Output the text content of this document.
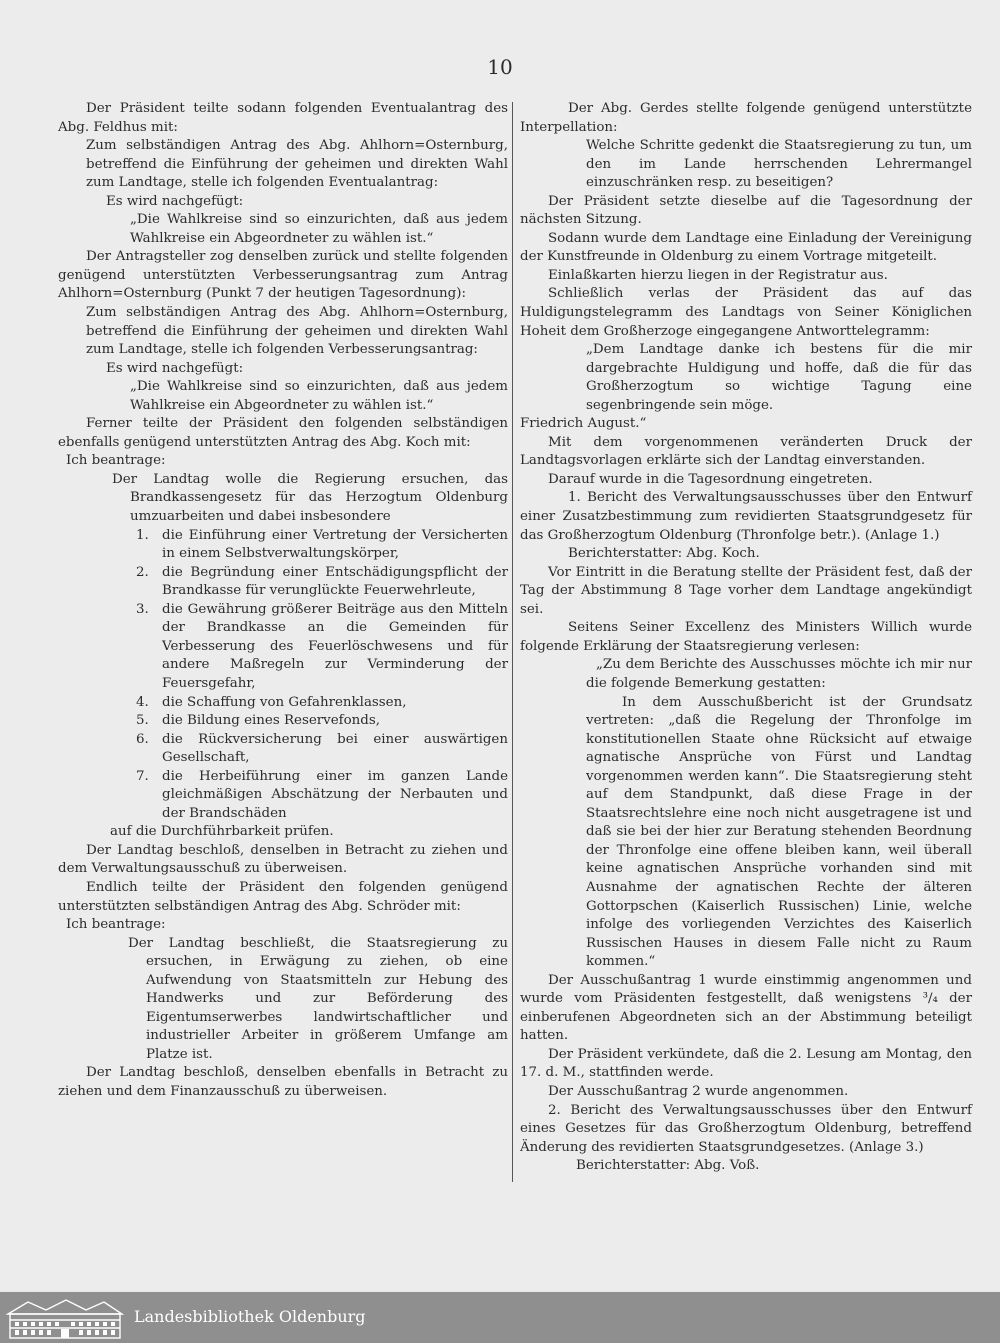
10

Der Präsident teilte sodann folgenden Eventualantrag des Abg. Feldhus mit:

Zum selbständigen Antrag des Abg. Ahlhorn=Osternburg, betreffend die Einführung der geheimen und direkten Wahl zum Landtage, stelle ich folgenden Eventualantrag:

Es wird nachgefügt:

„Die Wahlkreise sind so einzurichten, daß aus jedem Wahlkreise ein Abgeordneter zu wählen ist.“

Der Antragsteller zog denselben zurück und stellte folgenden genügend unterstützten Verbesserungsantrag zum Antrag Ahlhorn=Osternburg (Punkt 7 der heutigen Tagesordnung):

Zum selbständigen Antrag des Abg. Ahlhorn=Osternburg, betreffend die Einführung der geheimen und direkten Wahl zum Landtage, stelle ich folgenden Verbesserungsantrag:

Es wird nachgefügt:

„Die Wahlkreise sind so einzurichten, daß aus jedem Wahlkreise ein Abgeordneter zu wählen ist.“

Ferner teilte der Präsident den folgenden selbständigen ebenfalls genügend unterstützten Antrag des Abg. Koch mit:

Ich beantrage:

Der Landtag wolle die Regierung ersuchen, das Brandkassengesetz für das Herzogtum Oldenburg umzuarbeiten und dabei insbesondere

1. die Einführung einer Vertretung der Versicherten in einem Selbstverwaltungskörper,
2. die Begründung einer Entschädigungspflicht der Brandkasse für verunglückte Feuerwehrleute,
3. die Gewährung größerer Beiträge aus den Mitteln der Brandkasse an die Gemeinden für Verbesserung des Feuerlöschwesens und für andere Maßregeln zur Verminderung der Feuersgefahr,
4. die Schaffung von Gefahrenklassen,
5. die Bildung eines Reservefonds,
6. die Rückversicherung bei einer auswärtigen Gesellschaft,
7. die Herbeiführung einer im ganzen Lande gleichmäßigen Abschätzung der Nerbauten und der Brandschäden

auf die Durchführbarkeit prüfen.

Der Landtag beschloß, denselben in Betracht zu ziehen und dem Verwaltungsausschuß zu überweisen.

Endlich teilte der Präsident den folgenden genügend unterstützten selbständigen Antrag des Abg. Schröder mit:

Ich beantrage:

Der Landtag beschließt, die Staatsregierung zu ersuchen, in Erwägung zu ziehen, ob eine Aufwendung von Staatsmitteln zur Hebung des Handwerks und zur Beförderung des Eigentumserwerbes landwirtschaftlicher und industrieller Arbeiter in größerem Umfange am Platze ist.

Der Landtag beschloß, denselben ebenfalls in Betracht zu ziehen und dem Finanzausschuß zu überweisen.

Der Abg. Gerdes stellte folgende genügend unterstützte Interpellation:

Welche Schritte gedenkt die Staatsregierung zu tun, um den im Lande herrschenden Lehrermangel einzuschränken resp. zu beseitigen?

Der Präsident setzte dieselbe auf die Tagesordnung der nächsten Sitzung.

Sodann wurde dem Landtage eine Einladung der Vereinigung der Kunstfreunde in Oldenburg zu einem Vortrage mitgeteilt.

Einlaßkarten hierzu liegen in der Registratur aus.

Schließlich verlas der Präsident das auf das Huldigungstelegramm des Landtags von Seiner Königlichen Hoheit dem Großherzoge eingegangene Antworttelegramm:

„Dem Landtage danke ich bestens für die mir dargebrachte Huldigung und hoffe, daß die für das Großherzogtum so wichtige Tagung eine segenbringende sein möge.

Friedrich August.“

Mit dem vorgenommenen veränderten Druck der Landtagsvorlagen erklärte sich der Landtag einverstanden.

Darauf wurde in die Tagesordnung eingetreten.

1. Bericht des Verwaltungsausschusses über den Entwurf einer Zusatzbestimmung zum revidierten Staatsgrundgesetz für das Großherzogtum Oldenburg (Thronfolge betr.). (Anlage 1.)

Berichterstatter: Abg. Koch.

Vor Eintritt in die Beratung stellte der Präsident fest, daß der Tag der Abstimmung 8 Tage vorher dem Landtage angekündigt sei.

Seitens Seiner Excellenz des Ministers Willich wurde folgende Erklärung der Staatsregierung verlesen:

„Zu dem Berichte des Ausschusses möchte ich mir nur die folgende Bemerkung gestatten:

In dem Ausschußbericht ist der Grundsatz vertreten: „daß die Regelung der Thronfolge im konstitutionellen Staate ohne Rücksicht auf etwaige agnatische Ansprüche von Fürst und Landtag vorgenommen werden kann“. Die Staatsregierung steht auf dem Standpunkt, daß diese Frage in der Staatsrechtslehre eine noch nicht ausgetragene ist und daß sie bei der hier zur Beratung stehenden Beordnung der Thronfolge eine offene bleiben kann, weil überall keine agnatischen Ansprüche vorhanden sind mit Ausnahme der agnatischen Rechte der älteren Gottorpschen (Kaiserlich Russischen) Linie, welche infolge des vorliegenden Verzichtes des Kaiserlich Russischen Hauses in diesem Falle nicht zu Raum kommen.“

Der Ausschußantrag 1 wurde einstimmig angenommen und wurde vom Präsidenten festgestellt, daß wenigstens ³/₄ der einberufenen Abgeordneten sich an der Abstimmung beteiligt hatten.

Der Präsident verkündete, daß die 2. Lesung am Montag, den 17. d. M., stattfinden werde.

Der Ausschußantrag 2 wurde angenommen.

2. Bericht des Verwaltungsausschusses über den Entwurf eines Gesetzes für das Großherzogtum Oldenburg, betreffend Änderung des revidierten Staatsgrundgesetzes. (Anlage 3.)

Berichterstatter: Abg. Voß.

Landesbibliothek Oldenburg
